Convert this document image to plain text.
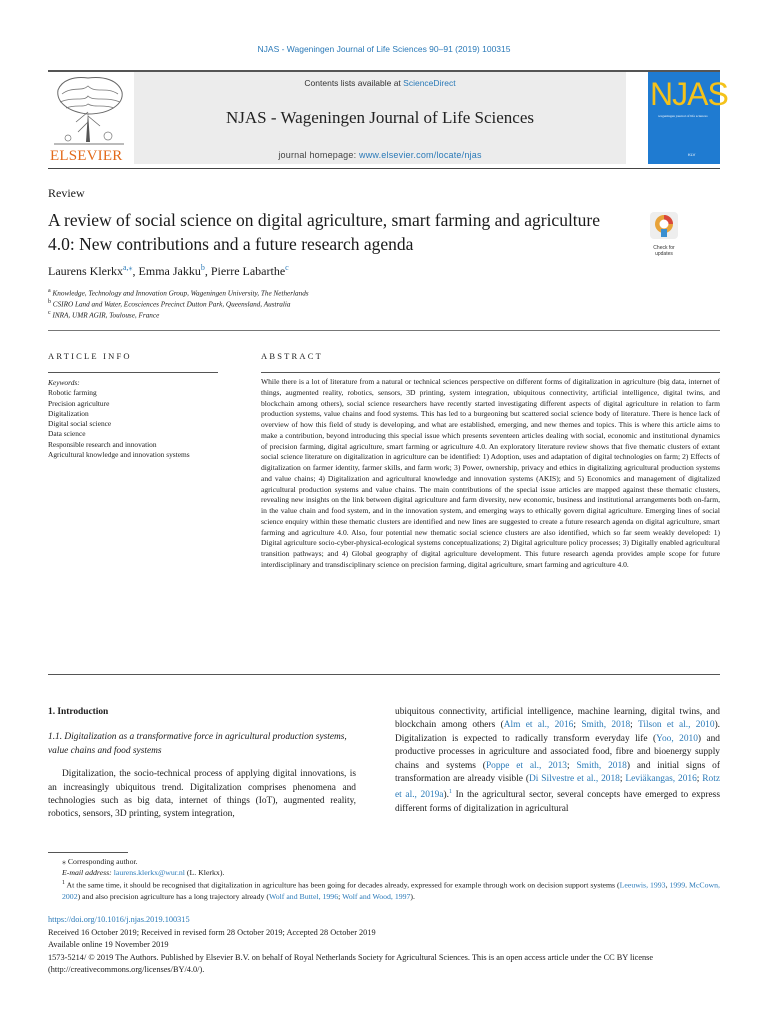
NJAS - Wageningen Journal of Life Sciences 90–91 (2019) 100315
ELSEVIER
Contents lists available at ScienceDirect
NJAS - Wageningen Journal of Life Sciences
journal homepage: www.elsevier.com/locate/njas
NJAS
wageningen journal of life sciences
KLV
Review
A review of social science on digital agriculture, smart farming and agriculture 4.0: New contributions and a future research agenda	Check for updates
Laurens Klerkx$^{a,⁎}$, Emma Jakku$^b$, Pierre Labarthe$^c$
$^a$ Knowledge, Technology and Innovation Group, Wageningen University, The Netherlands
$^b$ CSIRO Land and Water, Ecosciences Precinct Dutton Park, Queensland, Australia
$^c$ INRA, UMR AGIR, Toulouse, France
ARTICLE INFO	ABSTRACT
Keywords:
Robotic farming
Precision agriculture
Digitalization
Digital social science
Data science
Responsible research and innovation
Agricultural knowledge and innovation systems
While there is a lot of literature from a natural or technical sciences perspective on different forms of digitalization in agriculture (big data, internet of things, augmented reality, robotics, sensors, 3D printing, system integration, ubiquitous connectivity, artificial intelligence, digital twins, and blockchain among others), social science researchers have recently started investigating different aspects of digital agriculture in relation to farm production systems, value chains and food systems. This has led to a burgeoning but scattered social science body of literature. There is hence lack of overview of how this field of study is developing, and what are established, emerging, and new themes and topics. This is where this article aims to make a contribution, beyond introducing this special issue which presents seventeen articles dealing with social, economic and institutional dynamics of precision farming, digital agriculture, smart farming or agriculture 4.0. An exploratory literature review shows that five thematic clusters of extant social science literature on digitalization in agriculture can be identified: 1) Adoption, uses and adaptation of digital technologies on farm; 2) Effects of digitalization on farmer identity, farmer skills, and farm work; 3) Power, ownership, privacy and ethics in digitalizing agricultural production systems and value chains; 4) Digitalization and agricultural knowledge and innovation systems (AKIS); and 5) Economics and management of digitalized agricultural production systems and value chains. The main contributions of the special issue articles are mapped against these thematic clusters, revealing new insights on the link between digital agriculture and farm diversity, new economic, business and institutional arrangements both on-farm, in the value chain and food system, and in the innovation system, and emerging ways to ethically govern digital agriculture. Emerging lines of social science enquiry within these thematic clusters are identified and new lines are suggested to create a future research agenda on digital agriculture, smart farming and agriculture 4.0. Also, four potential new thematic social science clusters are also identified, which so far seem weakly developed: 1) Digital agriculture socio-cyber-physical-ecological systems conceptualizations; 2) Digital agriculture policy processes; 3) Digitally enabled agricultural transition pathways; and 4) Global geography of digital agriculture development. This future research agenda provides ample scope for future interdisciplinary and transdisciplinary science on precision farming, digital agriculture, smart farming and agriculture 4.0.
1. Introduction
1.1. Digitalization as a transformative force in agricultural production systems, value chains and food systems
Digitalization, the socio-technical process of applying digital innovations, is an increasingly ubiquitous trend. Digitalization comprises phenomena and technologies such as big data, internet of things (IoT), augmented reality, robotics, sensors, 3D printing, system integration,
ubiquitous connectivity, artificial intelligence, machine learning, digital twins, and blockchain among others (Alm et al., 2016; Smith, 2018; Tilson et al., 2010). Digitalization is expected to radically transform everyday life (Yoo, 2010) and productive processes in agriculture and associated food, fibre and bioenergy supply chains and systems (Poppe et al., 2013; Smith, 2018) and initial signs of transformation are already visible (Di Silvestre et al., 2018; Leviäkangas, 2016; Rotz et al., 2019a).$^1$ In the agricultural sector, several concepts have emerged to express different forms of digitalization in agricultural
⁎ Corresponding author.
E-mail address: laurens.klerkx@wur.nl (L. Klerkx).
$^1$ At the same time, it should be recognised that digitalization in agriculture has been going for decades already, expressed for example through work on decision support systems (Leeuwis, 1993, 1999. McCown, 2002) and also precision agriculture has a long trajectory already (Wolf and Buttel, 1996; Wolf and Wood, 1997).
https://doi.org/10.1016/j.njas.2019.100315
Received 16 October 2019; Received in revised form 28 October 2019; Accepted 28 October 2019
Available online 19 November 2019
1573-5214/ © 2019 The Authors. Published by Elsevier B.V. on behalf of Royal Netherlands Society for Agricultural Sciences. This is an open access article under the CC BY license (http://creativecommons.org/licenses/BY/4.0/).
